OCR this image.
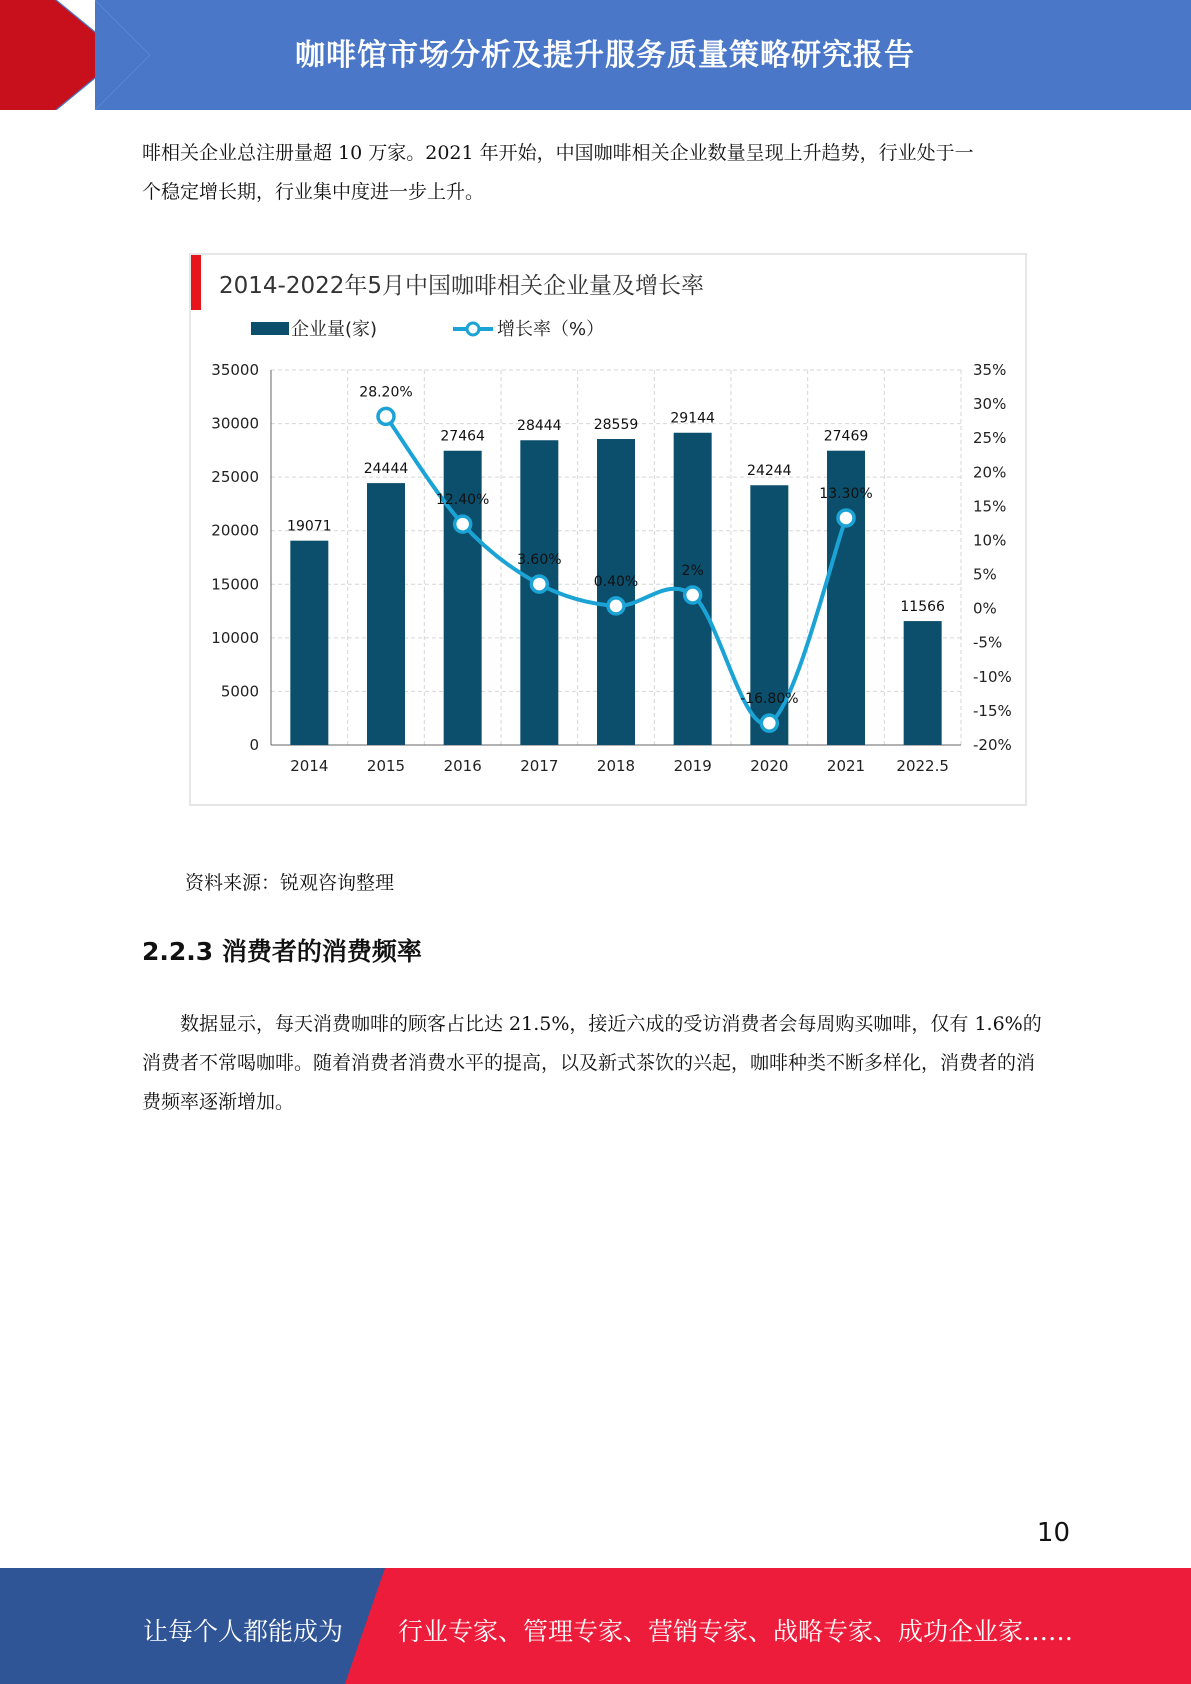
咖啡馆市场分析及提升服务质量策略研究报告
啡相关企业总注册量超 10 万家。2021 年开始，中国咖啡相关企业数量呈现上升趋势，行业处于一
个稳定增长期，行业集中度进一步上升。
2014-2022年5月中国咖啡相关企业量及增长率
企业量(家)	增长率（%）
0
5000
10000
15000
20000
25000
30000
35000
-20%
-15%
-10%
-5%
0%
5%
10%
15%
20%
25%
30%
35%
19071
2014
24444
2015
27464
2016
28444
2017
28559
2018
29144
2019
24244
2020
27469
2021
11566
2022.5
28.20%
12.40%
3.60%
0.40%
2%
-16.80%
13.30%
资料来源：锐观咨询整理
2.2.3 消费者的消费频率
数据显示，每天消费咖啡的顾客占比达 21.5%，接近六成的受访消费者会每周购买咖啡，仅有 1.6%的消费者不常喝咖啡。随着消费者消费水平的提高，以及新式茶饮的兴起，咖啡种类不断多样化，消费者的消费频率逐渐增加。
10
让每个人都能成为 行业专家、管理专家、营销专家、战略专家、成功企业家……
